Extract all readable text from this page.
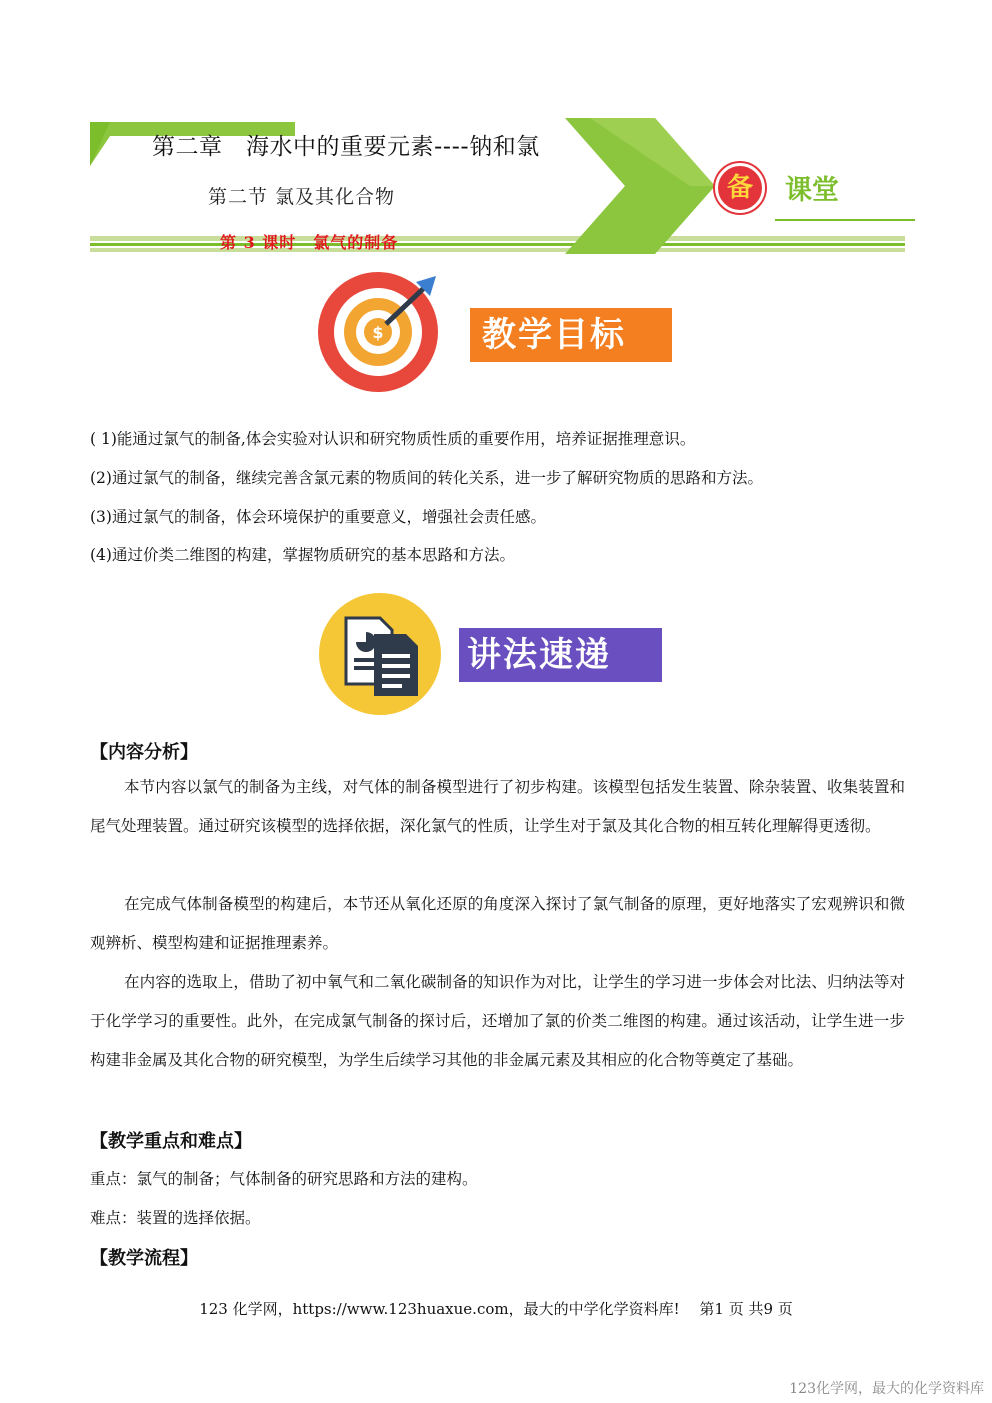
第二章　海水中的重要元素----钠和氯
第二节 氯及其化合物
第 3 课时　氯气的制备
备	课堂
$	教学目标
( 1)能通过氯气的制备,体会实验对认识和研究物质性质的重要作用，培养证据推理意识。
(2)通过氯气的制备，继续完善含氯元素的物质间的转化关系，进一步了解研究物质的思路和方法。
(3)通过氯气的制备，体会环境保护的重要意义，增强社会责任感。
(4)通过价类二维图的构建，掌握物质研究的基本思路和方法。
讲法速递
【内容分析】
本节内容以氯气的制备为主线，对气体的制备模型进行了初步构建。该模型包括发生装置、除杂装置、收集装置和尾气处理装置。通过研究该模型的选择依据，深化氯气的性质，让学生对于氯及其化合物的相互转化理解得更透彻。
在完成气体制备模型的构建后，本节还从氧化还原的角度深入探讨了氯气制备的原理，更好地落实了宏观辨识和微观辨析、模型构建和证据推理素养。
在内容的选取上，借助了初中氧气和二氧化碳制备的知识作为对比，让学生的学习进一步体会对比法、归纳法等对于化学学习的重要性。此外，在完成氯气制备的探讨后，还增加了氯的价类二维图的构建。通过该活动，让学生进一步构建非金属及其化合物的研究模型，为学生后续学习其他的非金属元素及其相应的化合物等奠定了基础。
【教学重点和难点】
重点：氯气的制备；气体制备的研究思路和方法的建构。
难点：装置的选择依据。
【教学流程】
123 化学网，https://www.123huaxue.com，最大的中学化学资料库!　 第1 页 共9 页
123化学网，最大的化学资料库
